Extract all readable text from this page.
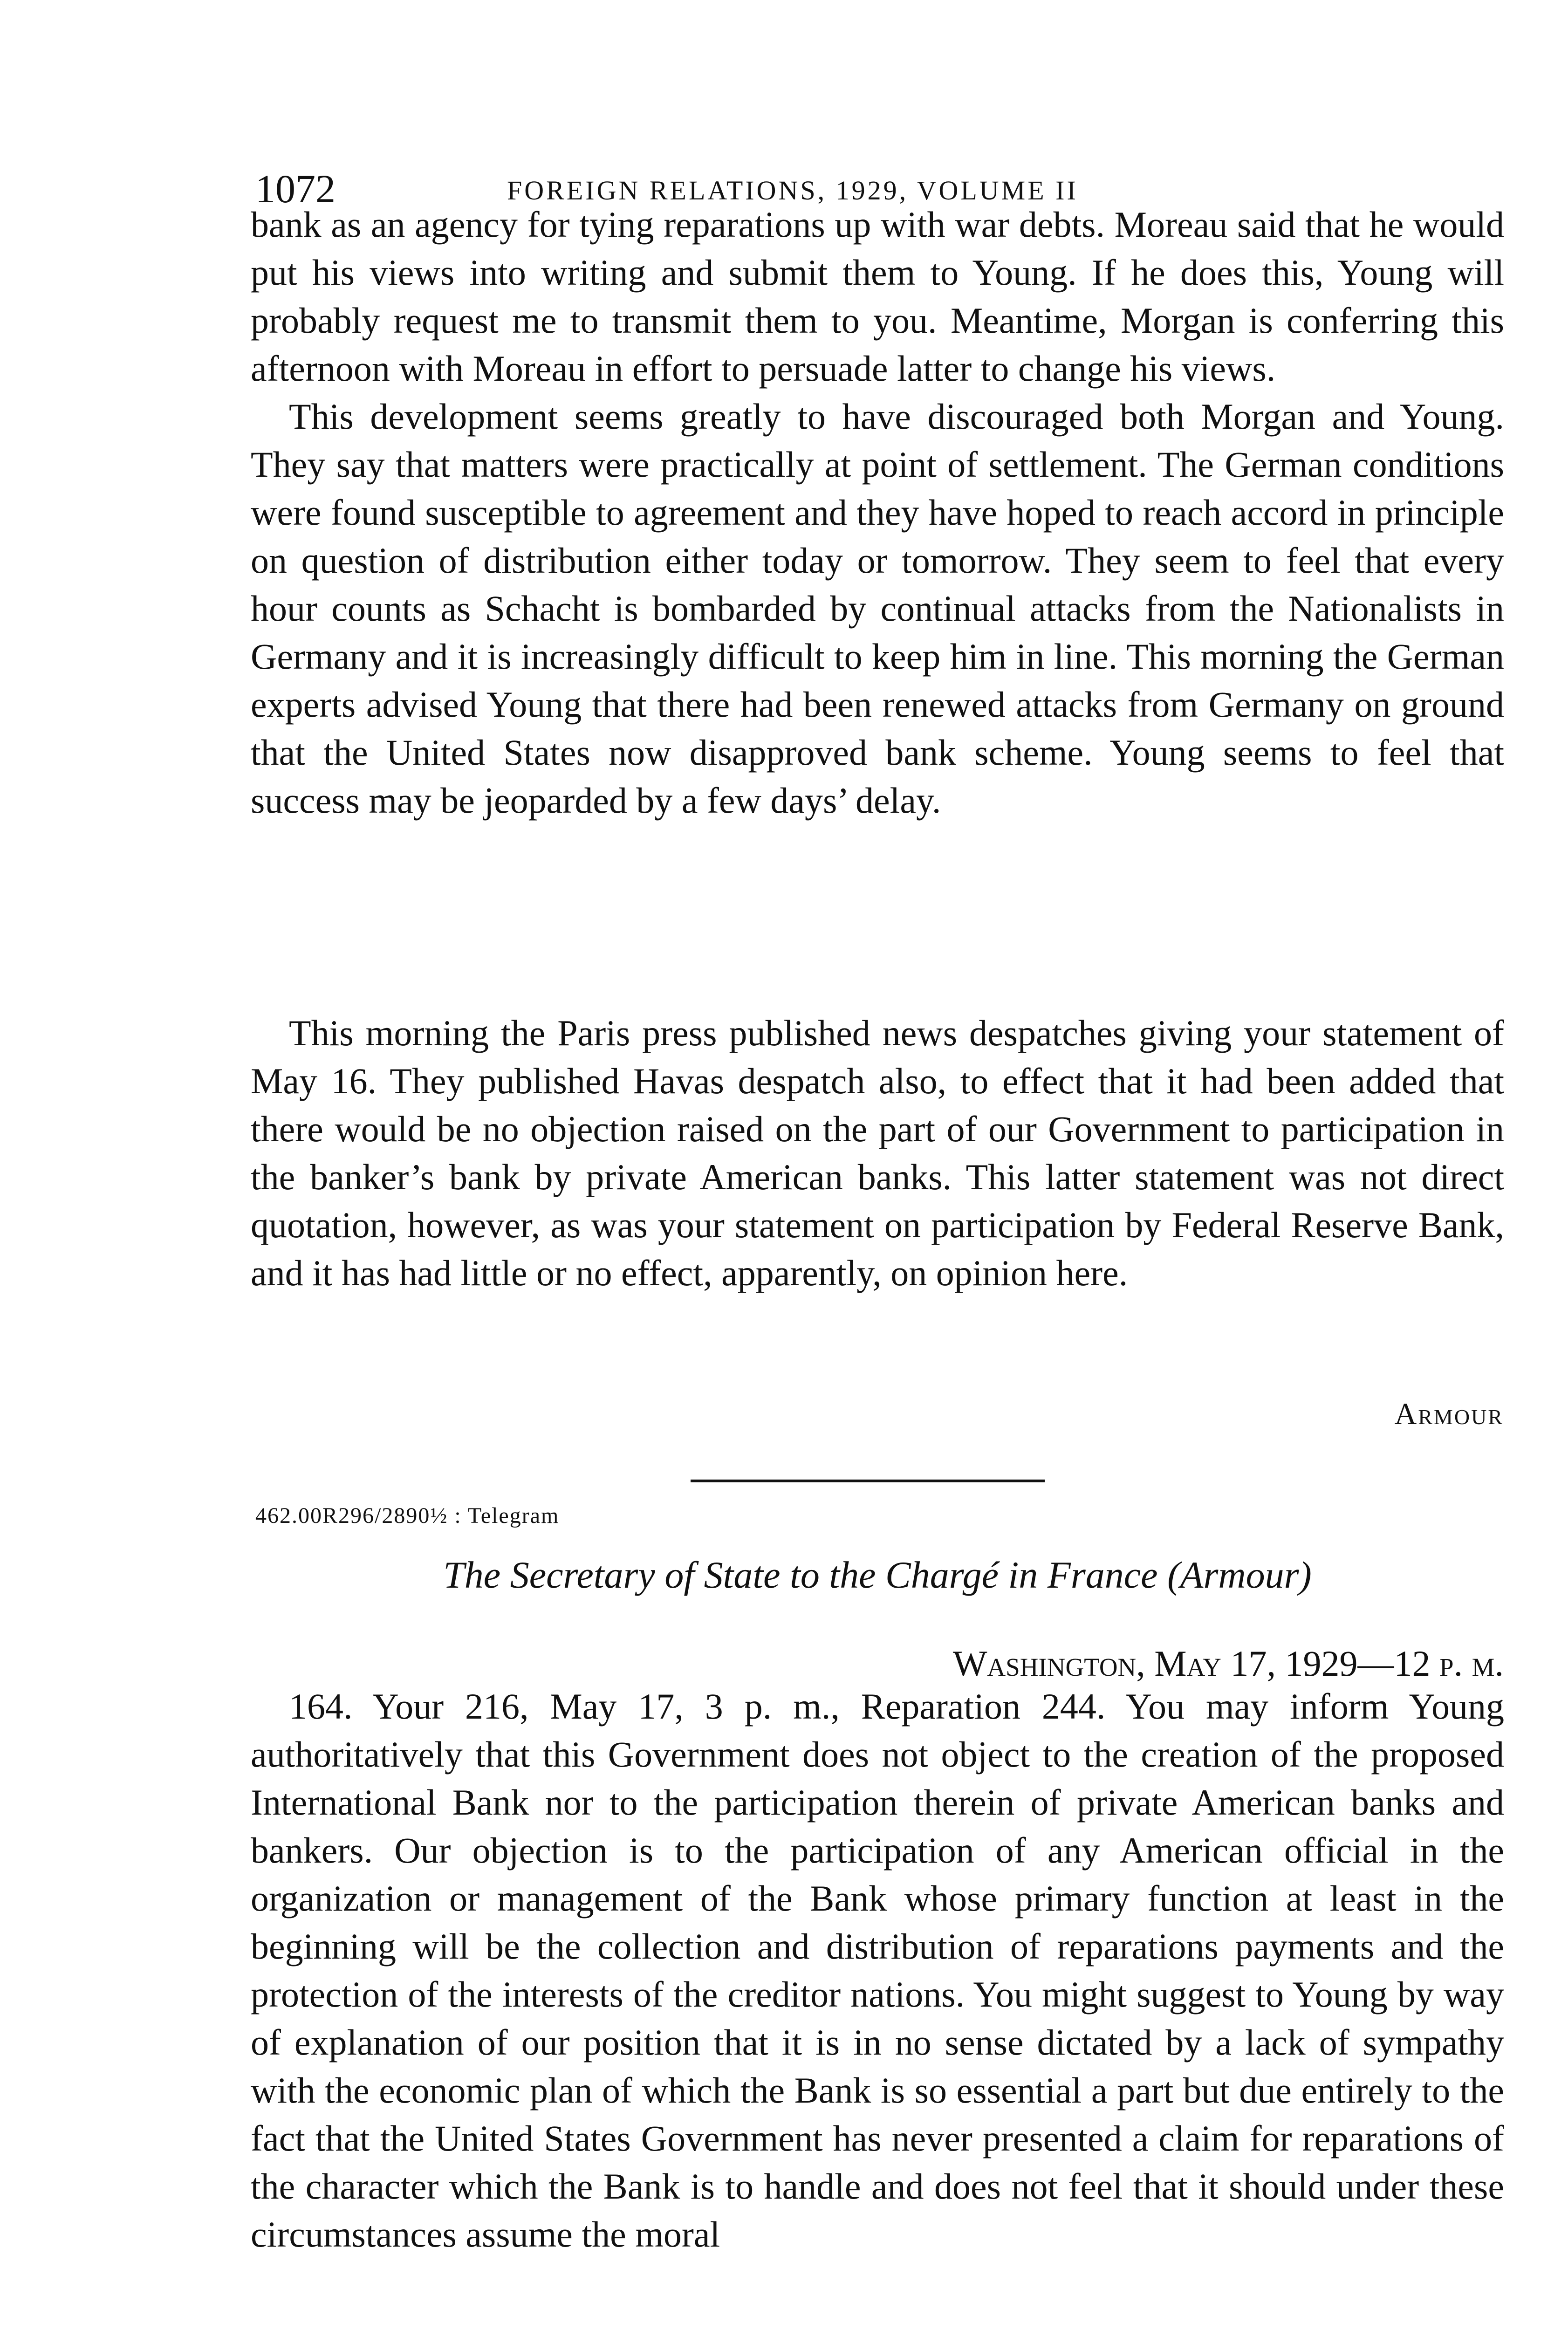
1072	FOREIGN RELATIONS, 1929, VOLUME II

bank as an agency for tying reparations up with war debts. Moreau said that he would put his views into writing and submit them to Young. If he does this, Young will probably request me to transmit them to you. Meantime, Morgan is conferring this afternoon with Moreau in effort to persuade latter to change his views.

This development seems greatly to have discouraged both Morgan and Young. They say that matters were practically at point of settlement. The German conditions were found susceptible to agreement and they have hoped to reach accord in principle on question of distribution either today or tomorrow. They seem to feel that every hour counts as Schacht is bombarded by continual attacks from the Nationalists in Germany and it is increasingly difficult to keep him in line. This morning the German experts advised Young that there had been renewed attacks from Germany on ground that the United States now disapproved bank scheme. Young seems to feel that success may be jeoparded by a few days’ delay.

This morning the Paris press published news despatches giving your statement of May 16. They published Havas despatch also, to effect that it had been added that there would be no objection raised on the part of our Government to participation in the banker’s bank by private American banks. This latter statement was not direct quotation, however, as was your statement on participation by Federal Reserve Bank, and it has had little or no effect, apparently, on opinion here.

Armour
462.00R296/2890½ : Telegram
The Secretary of State to the Chargé in France (Armour)
Washington, May 17, 1929—12 p. m.

164. Your 216, May 17, 3 p. m., Reparation 244. You may inform Young authoritatively that this Government does not object to the creation of the proposed International Bank nor to the participation therein of private American banks and bankers. Our objection is to the participation of any American official in the organization or management of the Bank whose primary function at least in the beginning will be the collection and distribution of reparations payments and the protection of the interests of the creditor nations. You might suggest to Young by way of explanation of our position that it is in no sense dictated by a lack of sympathy with the economic plan of which the Bank is so essential a part but due entirely to the fact that the United States Government has never presented a claim for reparations of the character which the Bank is to handle and does not feel that it should under these circumstances assume the moral
